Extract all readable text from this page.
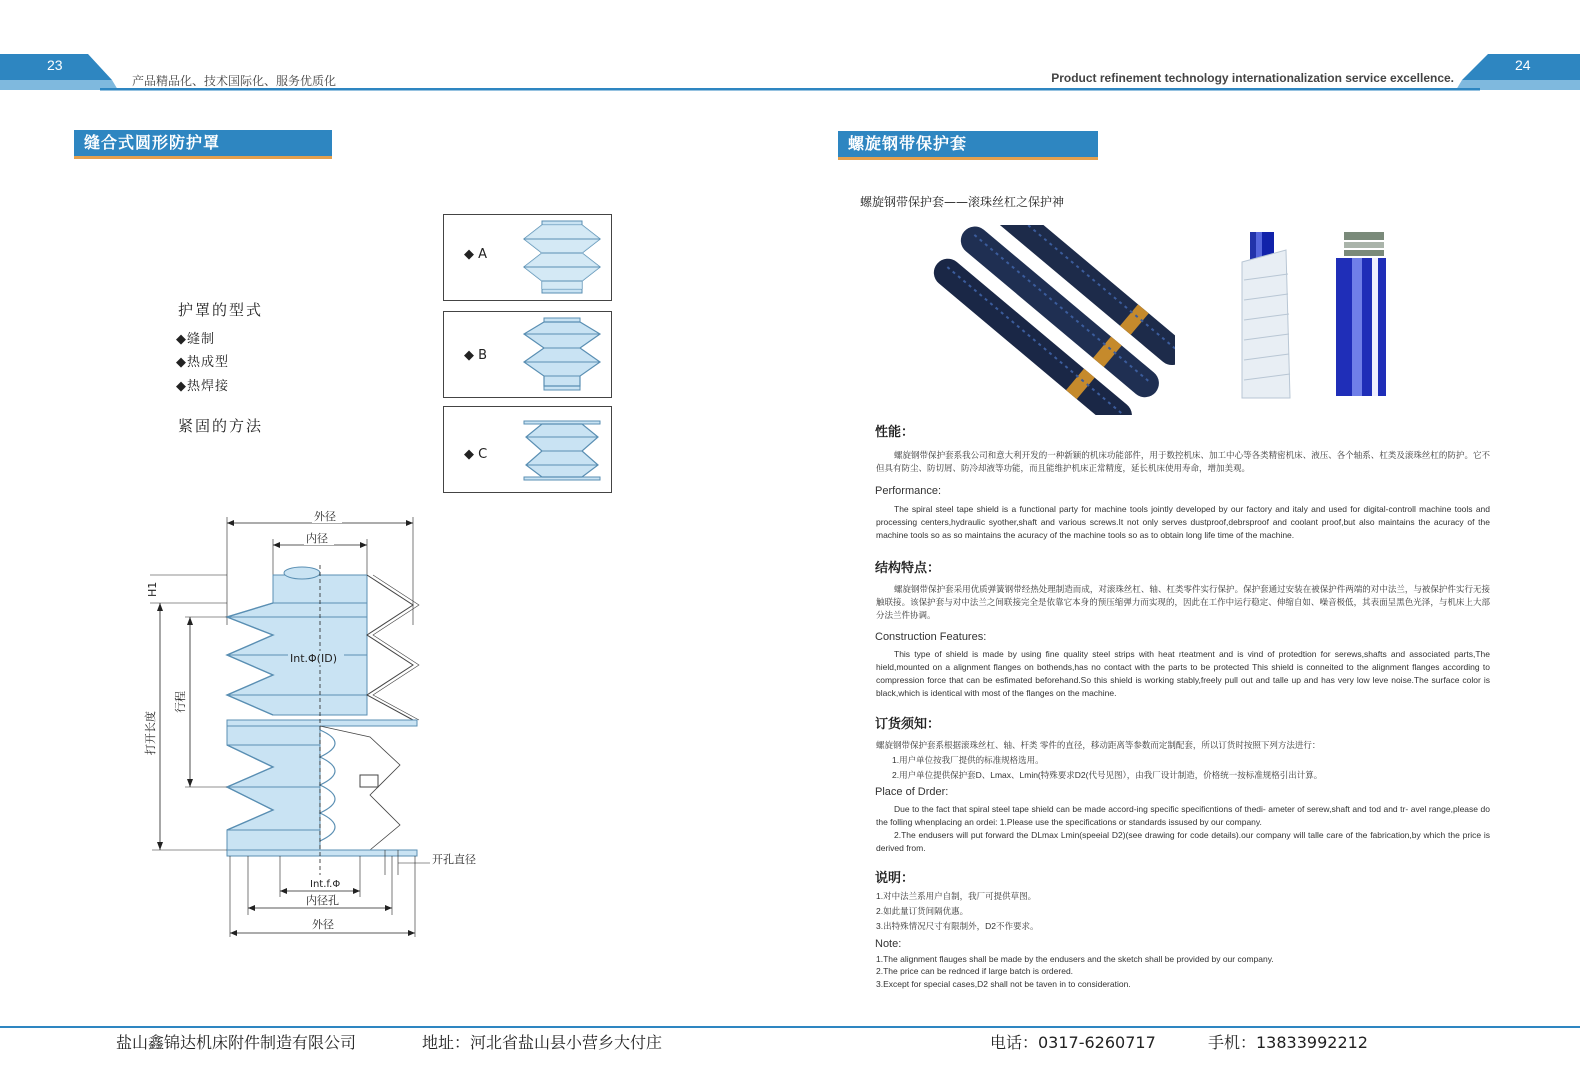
23	24
产品精品化、技术国际化、服务优质化	Product refinement technology internationalization service excellence.
缝合式圆形防护罩
护罩的型式
◆缝制
◆热成型
◆热焊接
紧固的方法
◆ A
◆ B
◆ C
外径
内径
H1
打开长度
行程
Int.Φ(ID)
开孔直径
Int.f.Φ
内径孔
外径
螺旋钢带保护套
螺旋钢带保护套——滚珠丝杠之保护神
性能：
螺旋钢带保护套系我公司和意大利开发的一种新颖的机床功能部件，用于数控机床、加工中心等各类精密机床、液压、各个轴系、杠类及滚珠丝杠的防护。它不但具有防尘、防切屑、防冷却液等功能，而且能维护机床正常精度，延长机床使用寿命，增加美观。
Performance:
The spiral steel tape shield is a functional party for machine tools jointly developed by our factory and italy and used for digital-controll machine tools and processing centers,hydraulic syother,shaft and various screws.It not only serves dustproof,debrsproof and coolant proof,but also maintains the acuracy of the machine tools so as so maintains the acuracy of the machine tools so as to obtain long life time of the machine.
结构特点：
螺旋钢带保护套采用优质弹簧钢带经热处理制造而成，对滚珠丝杠、轴、杠类零件实行保护。保护套通过安装在被保护件两端的对中法兰，与被保护件实行无接触联接。该保护套与对中法兰之间联接完全是依靠它本身的预压缩弹力而实现的，因此在工作中运行稳定、伸缩自如、噪音极低，其表面呈黑色光泽，与机床上大部分法兰件协调。
Construction Features:
This type of shield is made by using fine quality steel strips with heat rteatment and is vind of protedtion for serews,shafts and associated parts,The hield,mounted on a alignment flanges on bothends,has no contact with the parts to be protected This shield is conneited to the alignment flanges according to compression force that can be esfimated beforehand.So this shield is working stably,freely pull out and talle up and has very low leve noise.The surface color is black,which is identical with most of the flanges on the machine.
订货须知：
螺旋钢带保护套系根据滚珠丝杠、轴、杆类 零件的直径，移动距离等参数而定制配套，所以订货时按照下列方法进行：
1.用户单位按我厂提供的标准规格选用。
2.用户单位提供保护套D、Lmax、Lmin(特殊要求D2(代号见图），由我厂设计制造，价格统一按标准规格引出计算。
Place of Drder:
Due to the fact that spiral steel tape shield can be made accord-ing specific specificntions of thedi- ameter of serew,shaft and tod and tr- avel range,please do the folling whenplacing an ordei: 1.Please use the specifications or standards issused by our company.
2.The endusers will put forward the DLmax Lmin(speeial D2)(see drawing for code details).our company will talle care of the fabrication,by which the price is derived from.
说明：
1.对中法兰系用户自制，我厂可提供草图。
2.如此量订货间隔优惠。
3.出特殊情况尺寸有限制外，D2不作要求。
Note:
1.The alignment flauges shall be made by the endusers and the sketch shall be provided by our company.
2.The price can be rednced if large batch is ordered.
3.Except for special cases,D2 shall not be taven in to consideration.
盐山鑫锦达机床附件制造有限公司	地址：河北省盐山县小营乡大付庄	电话：0317-6260717	手机：13833992212
